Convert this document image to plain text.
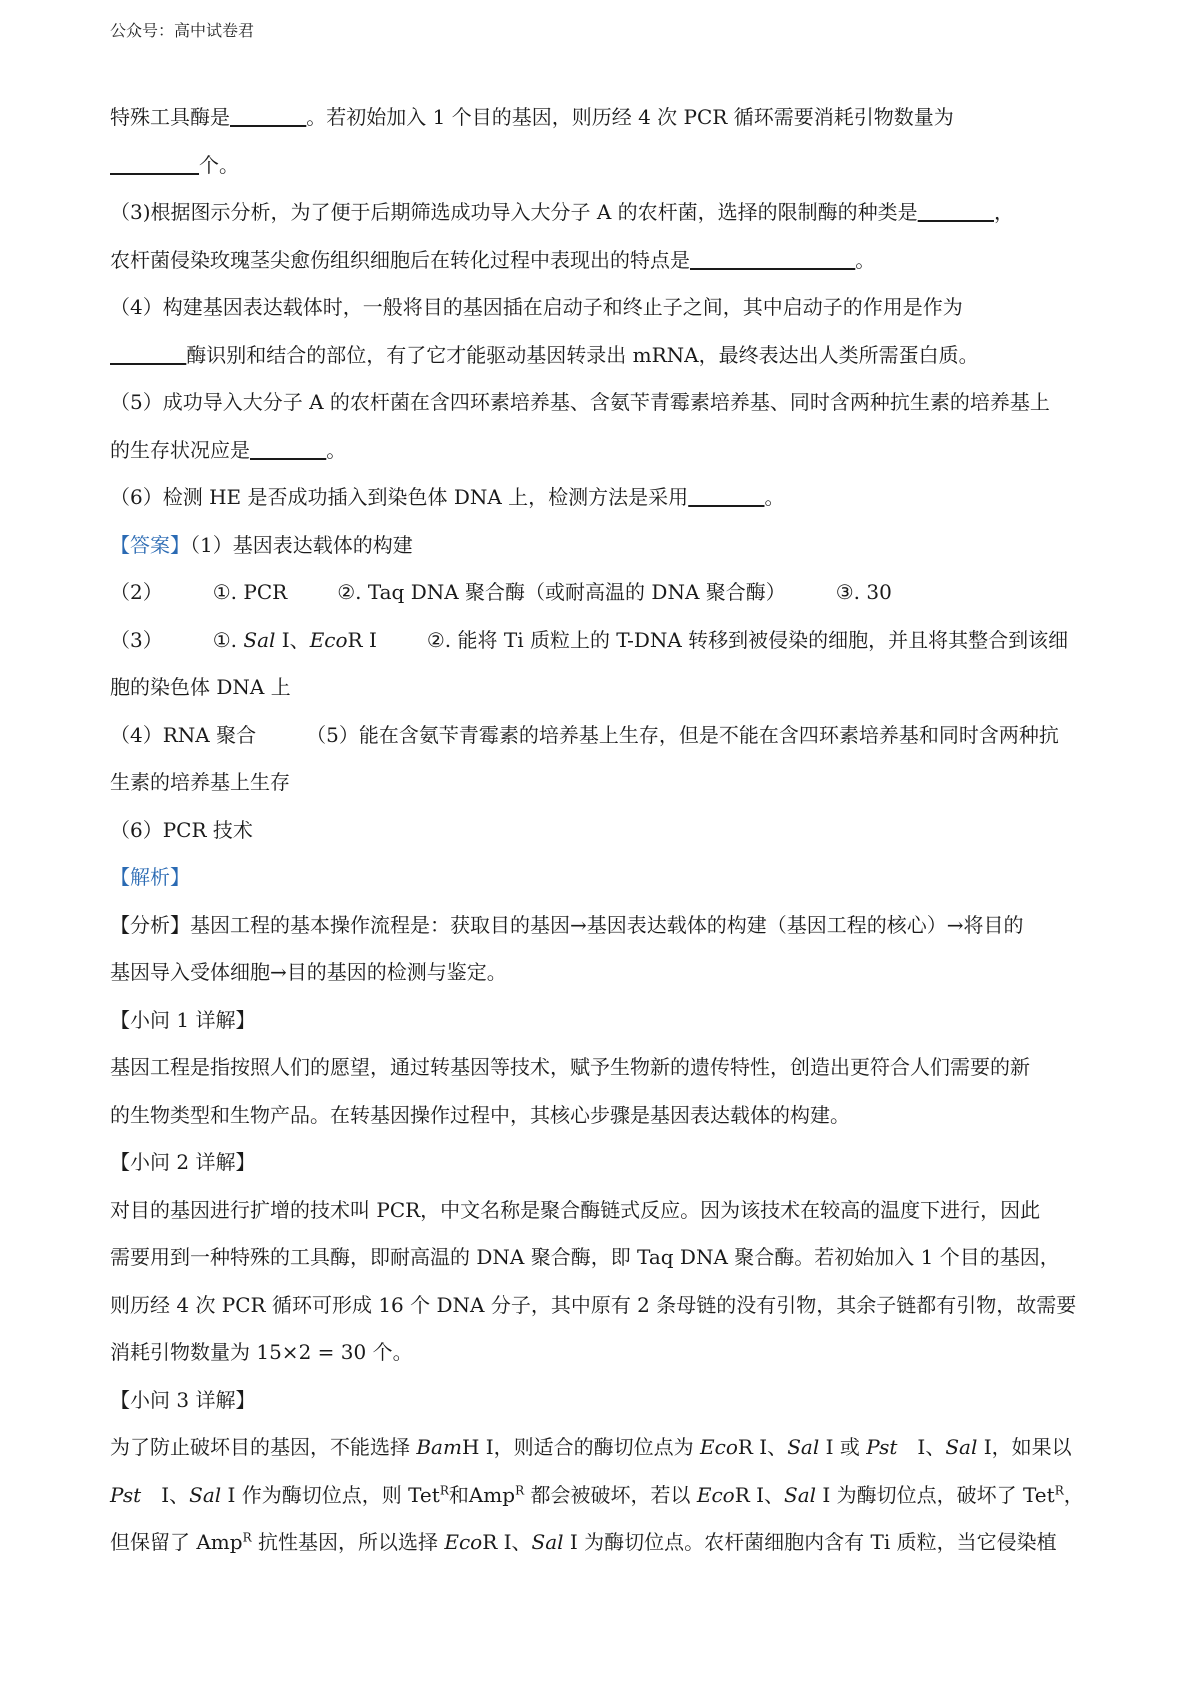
公众号：高中试卷君
特殊工具酶是	。若初始加入 1 个目的基因，则历经 4 次 PCR 循环需要消耗引物数量为
个。
（3)根据图示分析，为了便于后期筛选成功导入大分子 A 的农杆菌，选择的限制酶的种类是	，
农杆菌侵染玫瑰茎尖愈伤组织细胞后在转化过程中表现出的特点是	。
（4）构建基因表达载体时，一般将目的基因插在启动子和终止子之间，其中启动子的作用是作为
酶识别和结合的部位，有了它才能驱动基因转录出 mRNA，最终表达出人类所需蛋白质。
（5）成功导入大分子 A 的农杆菌在含四环素培养基、含氨苄青霉素培养基、同时含两种抗生素的培养基上
的生存状况应是	。
（6）检测 HE 是否成功插入到染色体 DNA 上，检测方法是采用	。
【答案】（1）基因表达载体的构建
（2）	①. PCR	②. Taq DNA 聚合酶（或耐高温的 DNA 聚合酶）	③. 30
（3）	①. Sal Ⅰ、EcoR Ⅰ	②. 能将 Ti 质粒上的 T-DNA 转移到被侵染的细胞，并且将其整合到该细
胞的染色体 DNA 上
（4）RNA 聚合	（5）能在含氨苄青霉素的培养基上生存，但是不能在含四环素培养基和同时含两种抗
生素的培养基上生存
（6）PCR 技术
【解析】
【分析】基因工程的基本操作流程是：获取目的基因→基因表达载体的构建（基因工程的核心）→将目的
基因导入受体细胞→目的基因的检测与鉴定。
【小问 1 详解】
基因工程是指按照人们的愿望，通过转基因等技术，赋予生物新的遗传特性，创造出更符合人们需要的新
的生物类型和生物产品。在转基因操作过程中，其核心步骤是基因表达载体的构建。
【小问 2 详解】
对目的基因进行扩增的技术叫 PCR，中文名称是聚合酶链式反应。因为该技术在较高的温度下进行，因此
需要用到一种特殊的工具酶，即耐高温的 DNA 聚合酶，即 Taq DNA 聚合酶。若初始加入 1 个目的基因，
则历经 4 次 PCR 循环可形成 16 个 DNA 分子，其中原有 2 条母链的没有引物，其余子链都有引物，故需要
消耗引物数量为 15×2 = 30 个。
【小问 3 详解】
为了防止破坏目的基因，不能选择 BamH I，则适合的酶切位点为 EcoR Ⅰ、Sal I 或 Pst　Ⅰ、Sal I，如果以
Pst　Ⅰ、Sal I 作为酶切位点，则 Tet$^R$和Amp$^R$ 都会被破坏，若以 EcoR Ⅰ、Sal I 为酶切位点，破坏了 Tet$^R$，
但保留了 Amp$^R$ 抗性基因，所以选择 EcoR Ⅰ、Sal I 为酶切位点。农杆菌细胞内含有 Ti 质粒，当它侵染植
